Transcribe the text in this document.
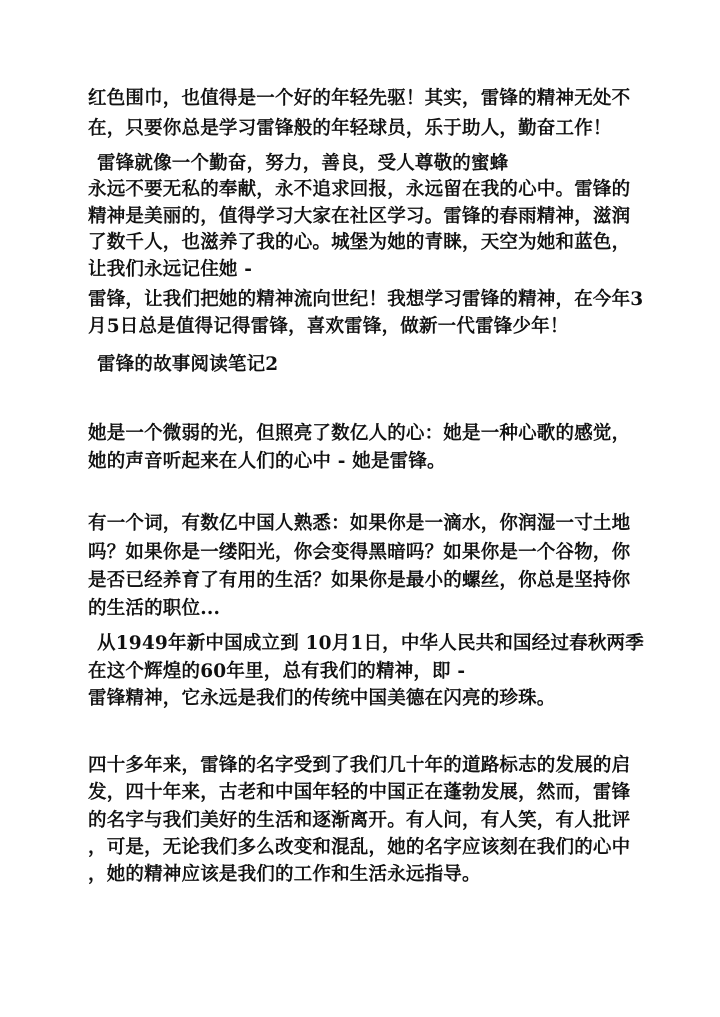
红色围巾，也值得是一个好的年轻先驱！其实，雷锋的精神无处不

在，只要你总是学习雷锋般的年轻球员，乐于助人，勤奋工作！

雷锋就像一个勤奋，努力，善良，受人尊敬的蜜蜂

永远不要无私的奉献，永不追求回报，永远留在我的心中。雷锋的

精神是美丽的，值得学习大家在社区学习。雷锋的春雨精神，滋润

了数千人，也滋养了我的心。城堡为她的青睐，天空为她和蓝色，

让我们永远记住她 -

雷锋，让我们把她的精神流向世纪！我想学习雷锋的精神，在今年3

月5日总是值得记得雷锋，喜欢雷锋，做新一代雷锋少年！

雷锋的故事阅读笔记2

她是一个微弱的光，但照亮了数亿人的心：她是一种心歌的感觉，

她的声音听起来在人们的心中 - 她是雷锋。

有一个词，有数亿中国人熟悉：如果你是一滴水，你润湿一寸土地

吗？如果你是一缕阳光，你会变得黑暗吗？如果你是一个谷物，你

是否已经养育了有用的生活？如果你是最小的螺丝，你总是坚持你

的生活的职位...

从1949年新中国成立到 10月1日，中华人民共和国经过春秋两季

在这个辉煌的60年里，总有我们的精神，即 -

雷锋精神，它永远是我们的传统中国美德在闪亮的珍珠。

四十多年来，雷锋的名字受到了我们几十年的道路标志的发展的启

发，四十年来，古老和中国年轻的中国正在蓬勃发展，然而，雷锋

的名字与我们美好的生活和逐渐离开。有人问，有人笑，有人批评

，可是，无论我们多么改变和混乱，她的名字应该刻在我们的心中

，她的精神应该是我们的工作和生活永远指导。
